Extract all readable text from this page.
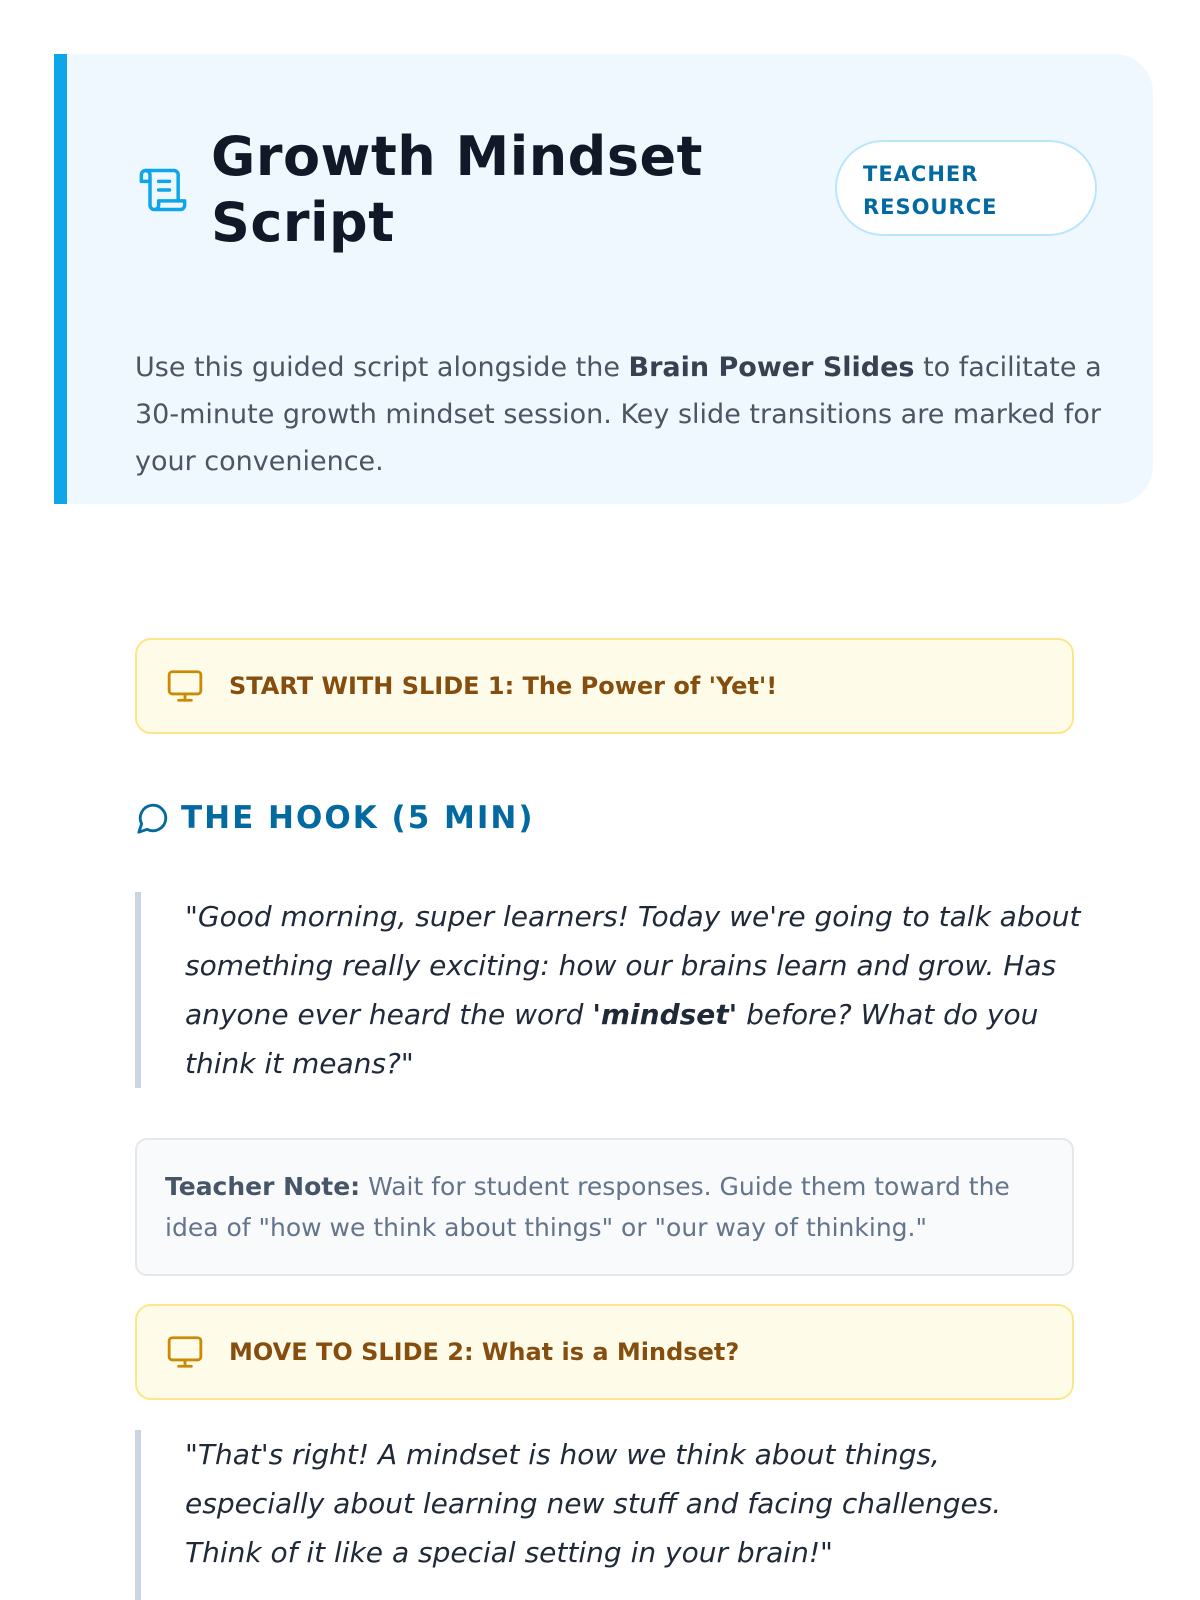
Growth Mindset Script
TEACHER
RESOURCE

Use this guided script alongside the Brain Power Slides to facilitate a 30-minute growth mindset session. Key slide transitions are marked for your convenience.

START WITH SLIDE 1: The Power of 'Yet'!
THE HOOK (5 MIN)

"Good morning, super learners! Today we're going to talk about something really exciting: how our brains learn and grow. Has anyone ever heard the word 'mindset' before? What do you think it means?"

Teacher Note: Wait for student responses. Guide them toward the idea of "how we think about things" or "our way of thinking."
MOVE TO SLIDE 2: What is a Mindset?

"That's right! A mindset is how we think about things, especially about learning new stuff and facing challenges. Think of it like a special setting in your brain!"
